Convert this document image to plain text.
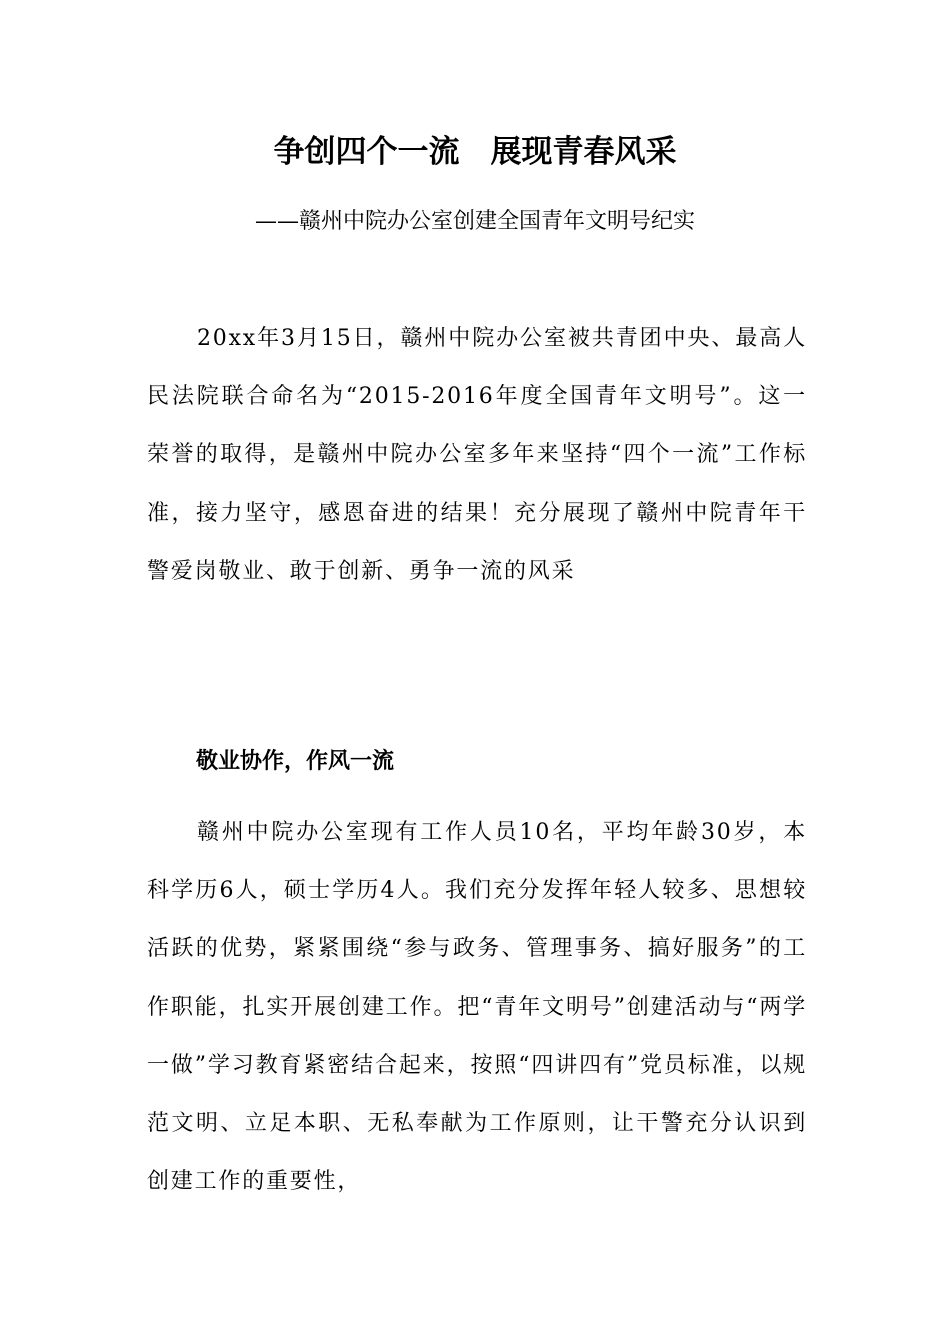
争创四个一流　展现青春风采
——赣州中院办公室创建全国青年文明号纪实
20xx年3月15日，赣州中院办公室被共青团中央、最高人民法院联合命名为“2015-2016年度全国青年文明号”。这一荣誉的取得，是赣州中院办公室多年来坚持“四个一流”工作标准，接力坚守，感恩奋进的结果！充分展现了赣州中院青年干警爱岗敬业、敢于创新、勇争一流的风采
敬业协作，作风一流
赣州中院办公室现有工作人员10名，平均年龄30岁，本科学历6人，硕士学历4人。我们充分发挥年轻人较多、思想较活跃的优势，紧紧围绕“参与政务、管理事务、搞好服务”的工作职能，扎实开展创建工作。把“青年文明号”创建活动与“两学一做”学习教育紧密结合起来，按照“四讲四有”党员标准，以规范文明、立足本职、无私奉献为工作原则，让干警充分认识到创建工作的重要性，
